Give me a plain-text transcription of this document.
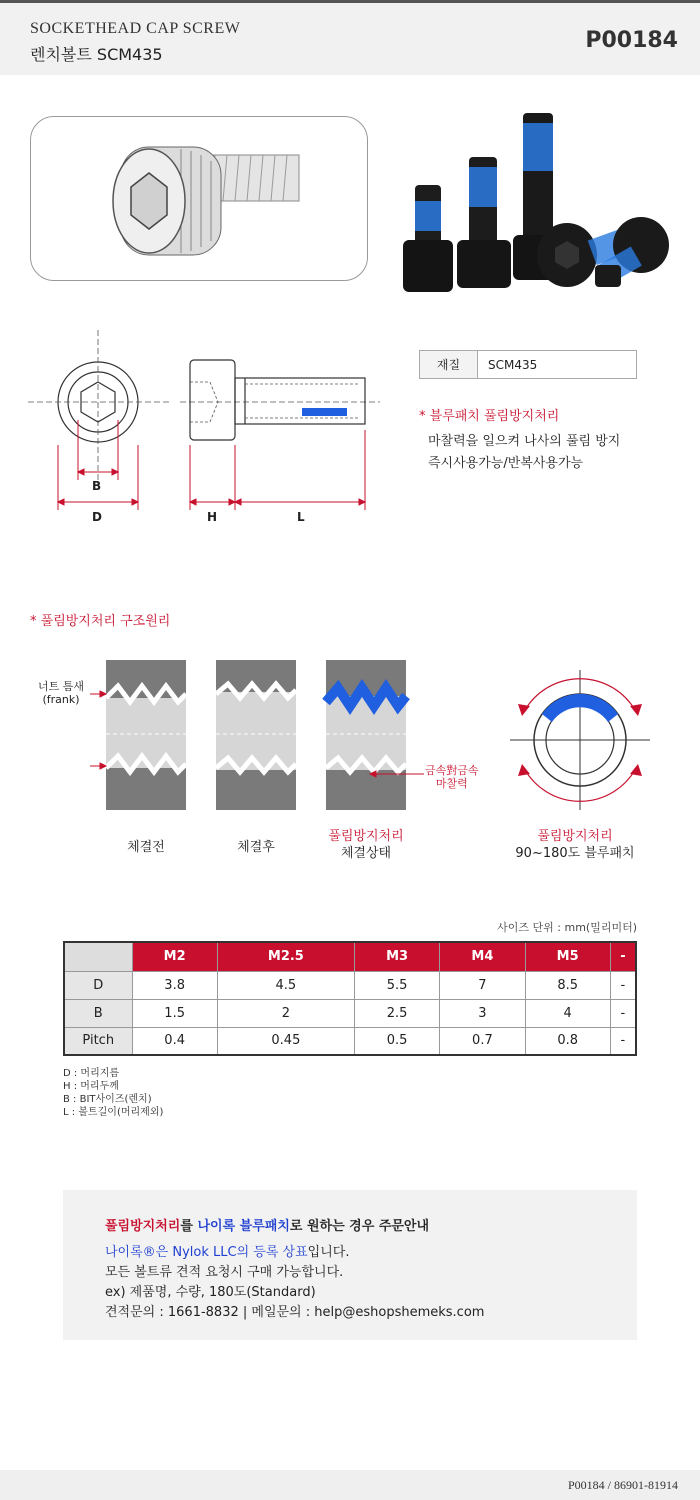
SOCKETHEAD CAP SCREW
렌치볼트 SCM435
P00184
B
D	H	L
재질	SCM435
* 블루패치 풀림방지처리
마찰력을 일으켜 나사의 풀림 방지
즉시사용가능/반복사용가능
* 풀림방지처리 구조원리
너트 틈새
(frank)
금속對금속
마찰력
체결전	체결후
풀림방지처리
체결상태
풀림방지처리
90~180도 블루패치
사이즈 단위 : mm(밀리미터)
	M2	M2.5	M3	M4	M5	-
D	3.8	4.5	5.5	7	8.5	-
B	1.5	2	2.5	3	4	-
Pitch	0.4	0.45	0.5	0.7	0.8	-
D : 머리지름
H : 머리두께
B : BIT사이즈(렌치)
L : 볼트길이(머리제외)
풀림방지처리를 나이록 블루패치로 원하는 경우 주문안내
나이록®은 Nylok LLC의 등록 상표입니다.
모든 볼트류 견적 요청시 구매 가능합니다.
ex) 제품명, 수량, 180도(Standard)
견적문의 : 1661-8832 | 메일문의 : help@eshopshemeks.com
P00184 / 86901-81914
